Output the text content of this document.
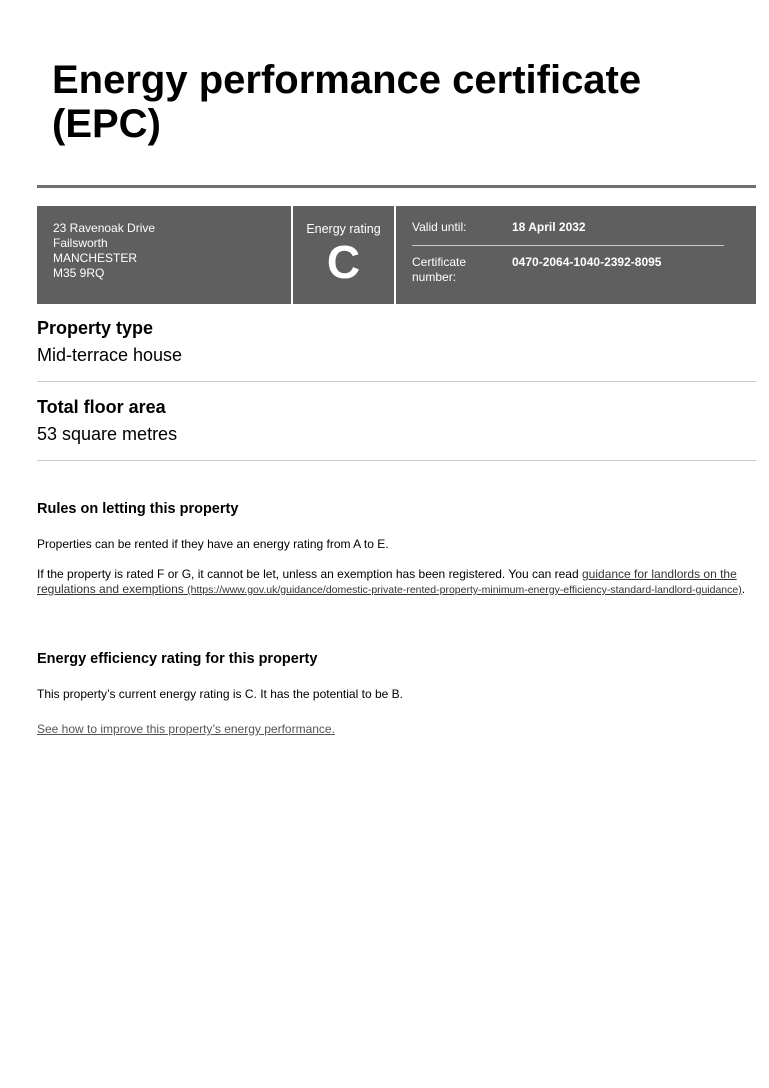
Energy performance certificate
(EPC)
23 Ravenoak Drive
Failsworth
MANCHESTER
M35 9RQ
Energy rating
C
Valid until:	18 April 2032
Certificate
number:
0470-2064-1040-2392-8095
Property type
Mid-terrace house
Total floor area
53 square metres
Rules on letting this property

Properties can be rented if they have an energy rating from A to E.

If the property is rated F or G, it cannot be let, unless an exemption has been registered. You can read guidance for landlords on the regulations and exemptions (https://www.gov.uk/guidance/domestic-private-rented-property-minimum-energy-efficiency-standard-landlord-guidance).

Energy efficiency rating for this property

This property’s current energy rating is C. It has the potential to be B.

See how to improve this property’s energy performance.
